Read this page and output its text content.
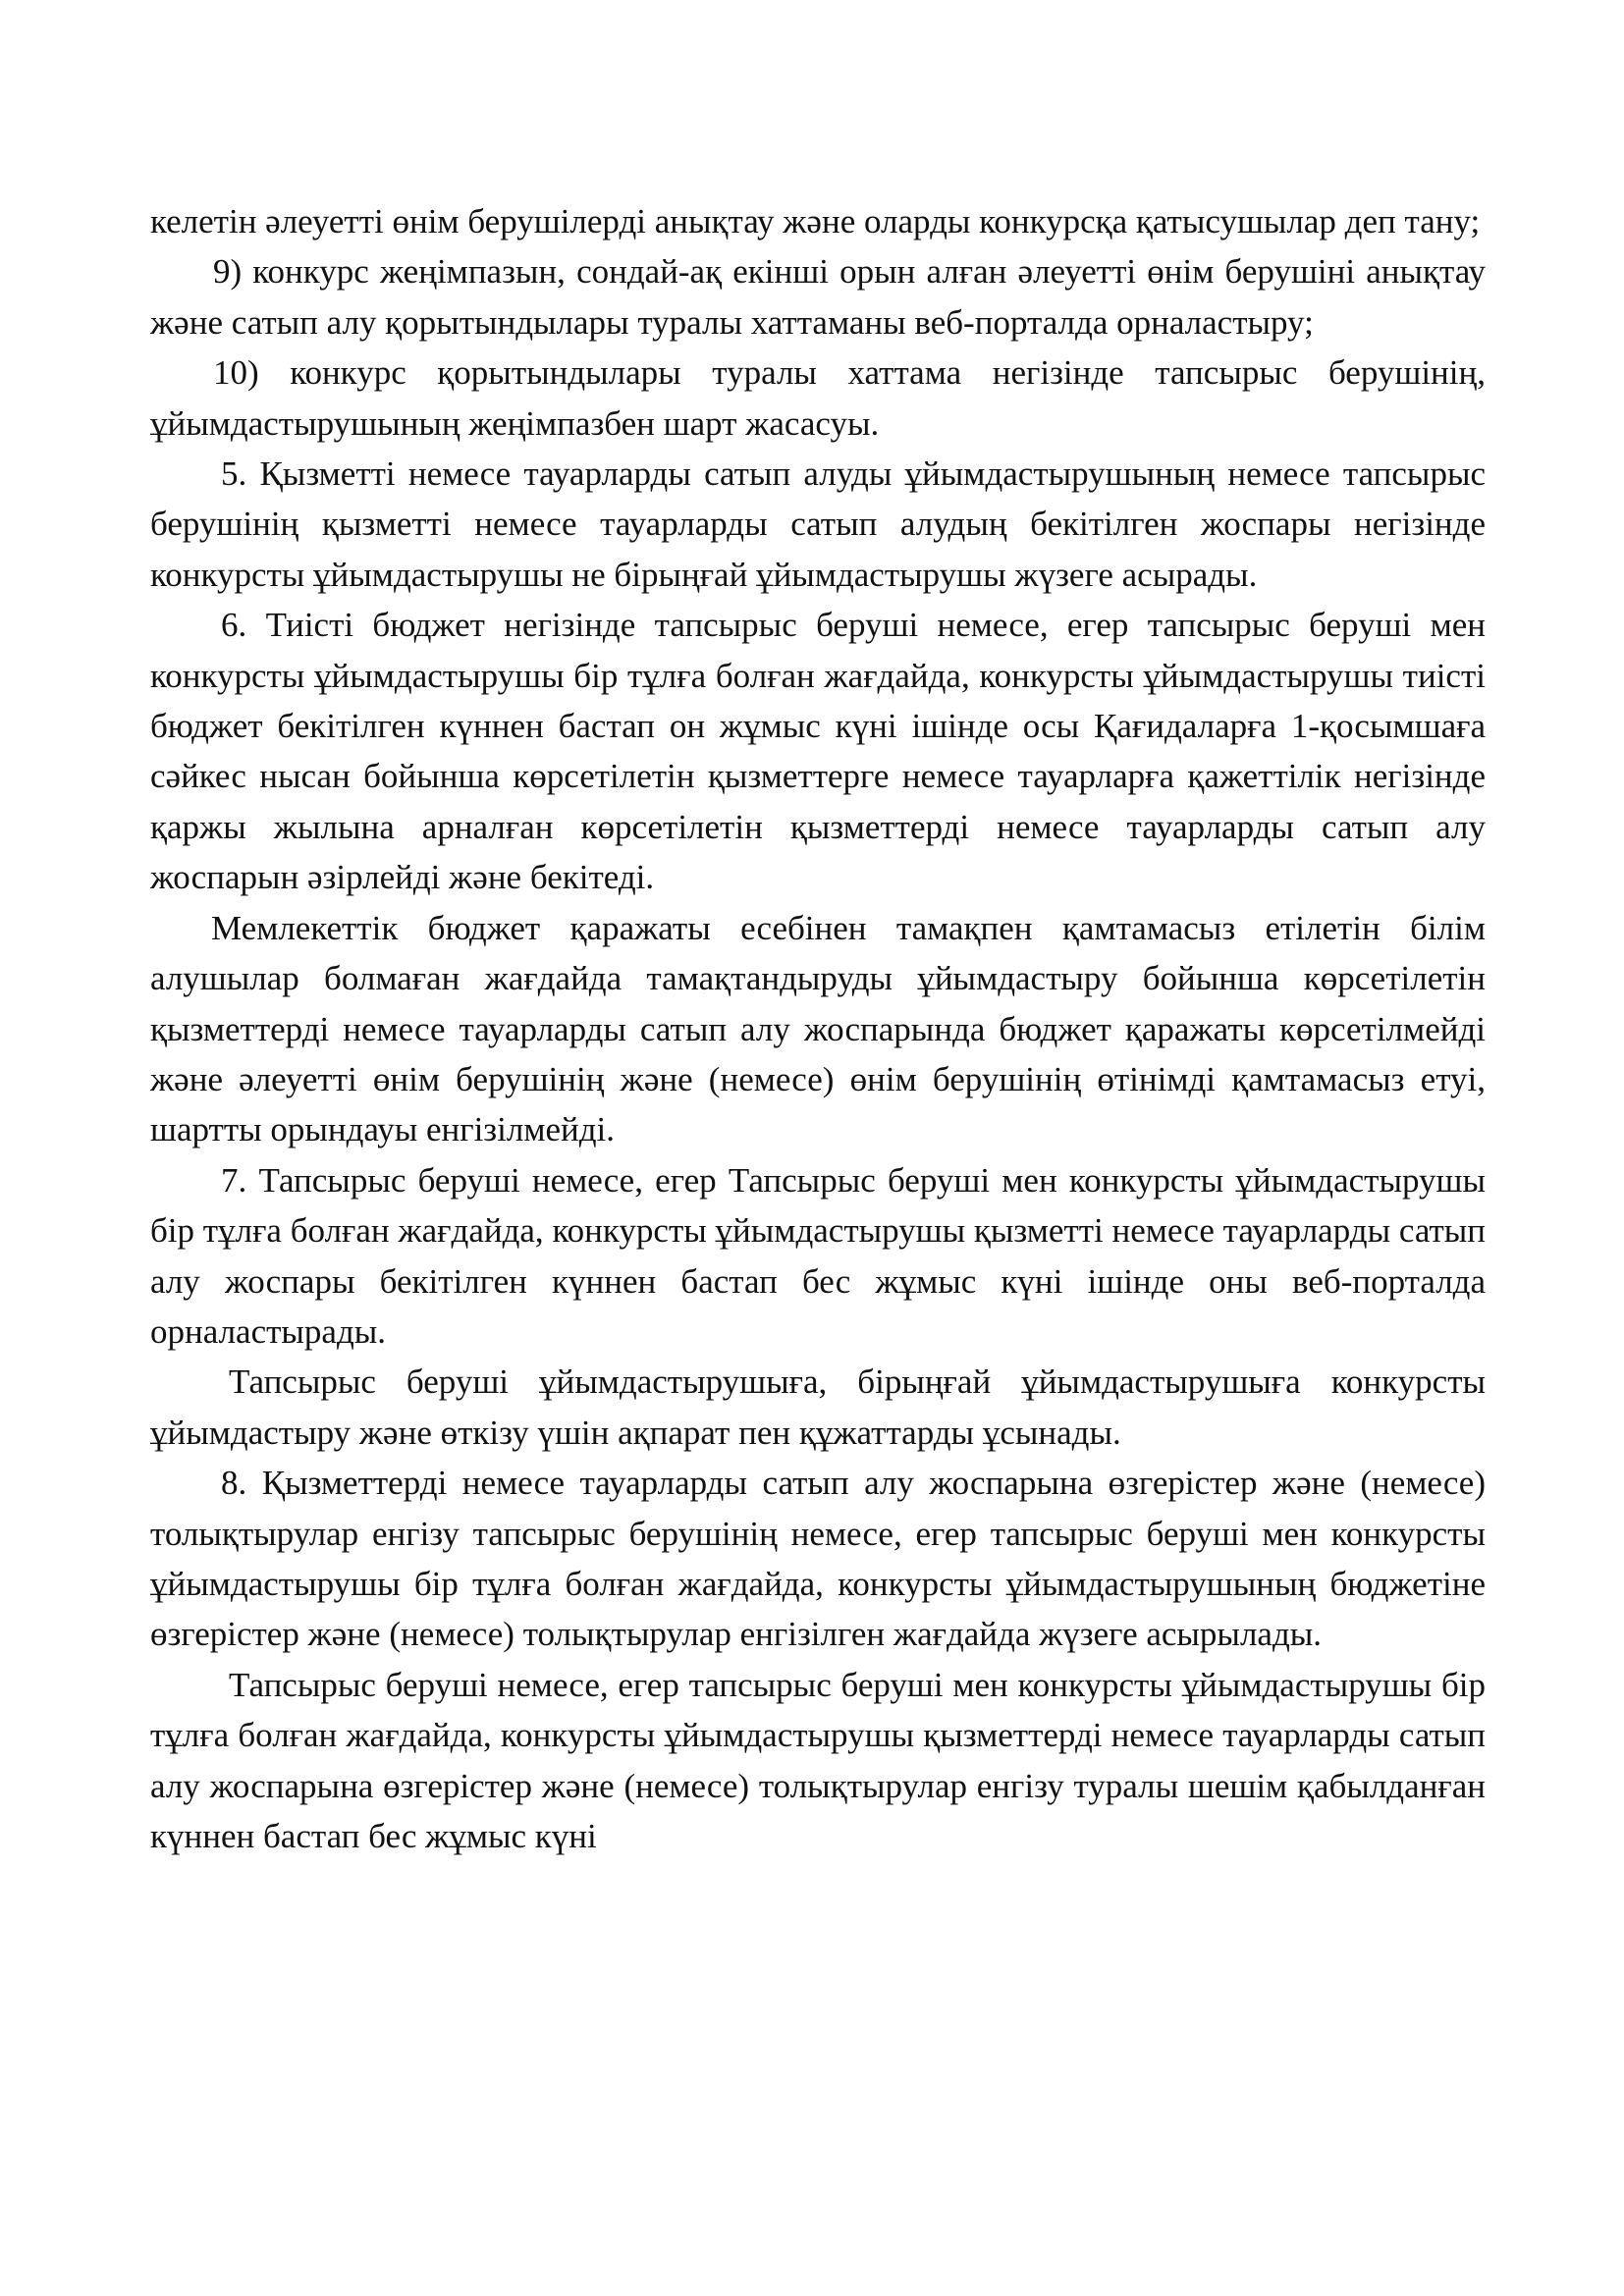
келетін әлеуетті өнім берушілерді анықтау және оларды конкурсқа қатысушылар деп тану;

9) конкурс жеңімпазын, сондай-ақ екінші орын алған әлеуетті өнім берушіні анықтау және сатып алу қорытындылары туралы хаттаманы веб-порталда орналастыру;

10) конкурс қорытындылары туралы хаттама негізінде тапсырыс берушінің, ұйымдастырушының жеңімпазбен шарт жасасуы.

5. Қызметті немесе тауарларды сатып алуды ұйымдастырушының немесе тапсырыс берушінің қызметті немесе тауарларды сатып алудың бекітілген жоспары негізінде конкурсты ұйымдастырушы не бірыңғай ұйымдастырушы жүзеге асырады.

6. Тиісті бюджет негізінде тапсырыс беруші немесе, егер тапсырыс беруші мен конкурсты ұйымдастырушы бір тұлға болған жағдайда, конкурсты ұйымдастырушы тиісті бюджет бекітілген күннен бастап он жұмыс күні ішінде осы Қағидаларға 1-қосымшаға сәйкес нысан бойынша көрсетілетін қызметтерге немесе тауарларға қажеттілік негізінде қаржы жылына арналған көрсетілетін қызметтерді немесе тауарларды сатып алу жоспарын әзірлейді және бекітеді.

Мемлекеттік бюджет қаражаты есебінен тамақпен қамтамасыз етілетін білім алушылар болмаған жағдайда тамақтандыруды ұйымдастыру бойынша көрсетілетін қызметтерді немесе тауарларды сатып алу жоспарында бюджет қаражаты көрсетілмейді және әлеуетті өнім берушінің және (немесе) өнім берушінің өтінімді қамтамасыз етуі, шартты орындауы енгізілмейді.

7. Тапсырыс беруші немесе, егер Тапсырыс беруші мен конкурсты ұйымдастырушы бір тұлға болған жағдайда, конкурсты ұйымдастырушы қызметті немесе тауарларды сатып алу жоспары бекітілген күннен бастап бес жұмыс күні ішінде оны веб-порталда орналастырады.

Тапсырыс беруші ұйымдастырушыға, бірыңғай ұйымдастырушыға конкурсты ұйымдастыру және өткізу үшін ақпарат пен құжаттарды ұсынады.

8. Қызметтерді немесе тауарларды сатып алу жоспарына өзгерістер және (немесе) толықтырулар енгізу тапсырыс берушінің немесе, егер тапсырыс беруші мен конкурсты ұйымдастырушы бір тұлға болған жағдайда, конкурсты ұйымдастырушының бюджетіне өзгерістер және (немесе) толықтырулар енгізілген жағдайда жүзеге асырылады.

Тапсырыс беруші немесе, егер тапсырыс беруші мен конкурсты ұйымдастырушы бір тұлға болған жағдайда, конкурсты ұйымдастырушы қызметтерді немесе тауарларды сатып алу жоспарына өзгерістер және (немесе) толықтырулар енгізу туралы шешім қабылданған күннен бастап бес жұмыс күні
